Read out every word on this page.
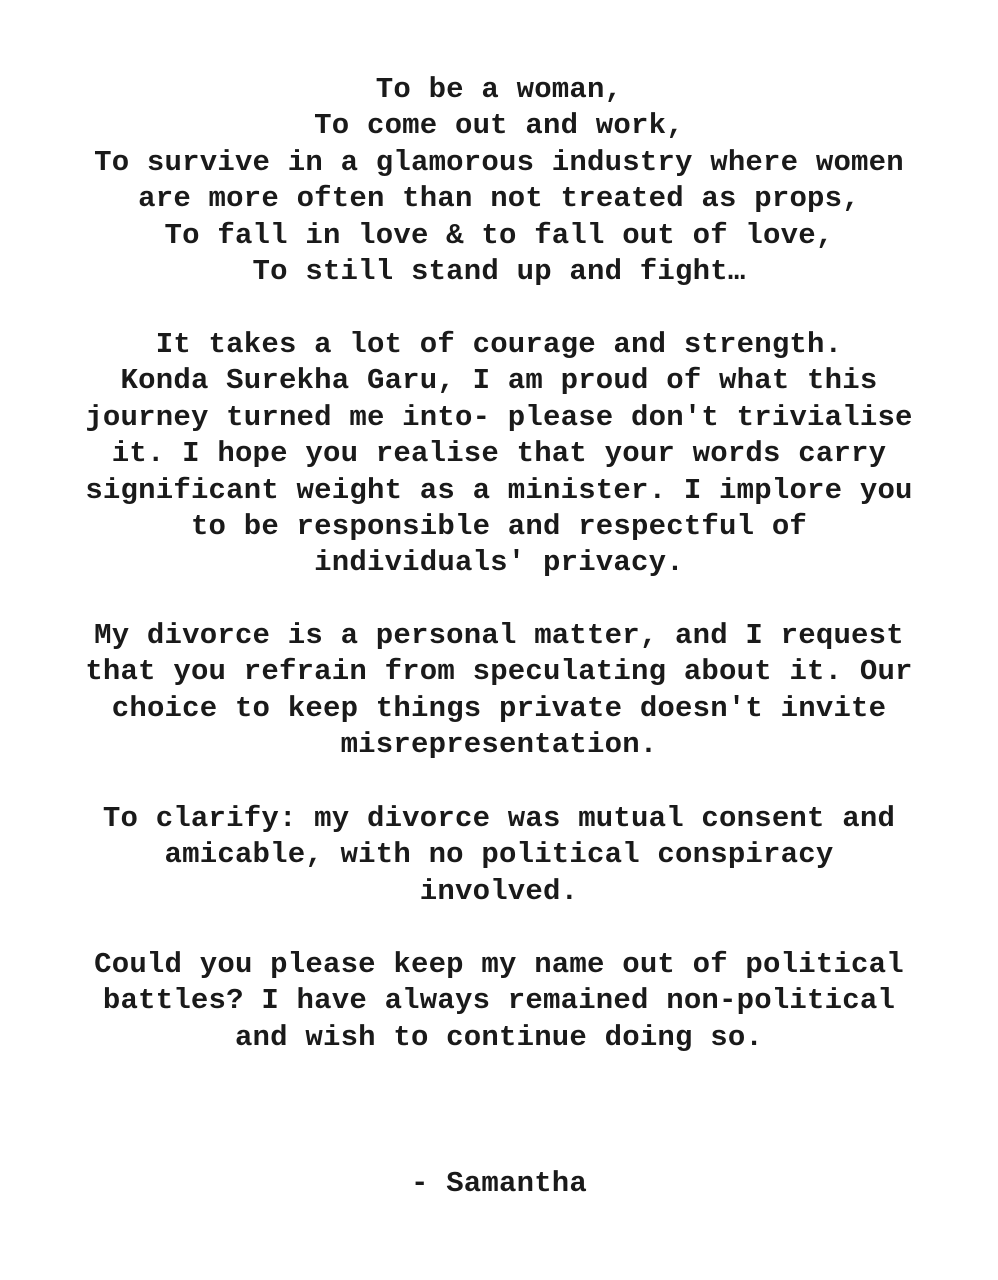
To be a woman,
To come out and work,
To survive in a glamorous industry where women
are more often than not treated as props,
To fall in love & to fall out of love,
To still stand up and fight…
It takes a lot of courage and strength.
Konda Surekha Garu, I am proud of what this
journey turned me into- please don't trivialise
it. I hope you realise that your words carry
significant weight as a minister. I implore you
to be responsible and respectful of
individuals' privacy.
My divorce is a personal matter, and I request
that you refrain from speculating about it. Our
choice to keep things private doesn't invite
misrepresentation.
To clarify: my divorce was mutual consent and
amicable, with no political conspiracy
involved.
Could you please keep my name out of political
battles? I have always remained non-political
and wish to continue doing so.
- Samantha
